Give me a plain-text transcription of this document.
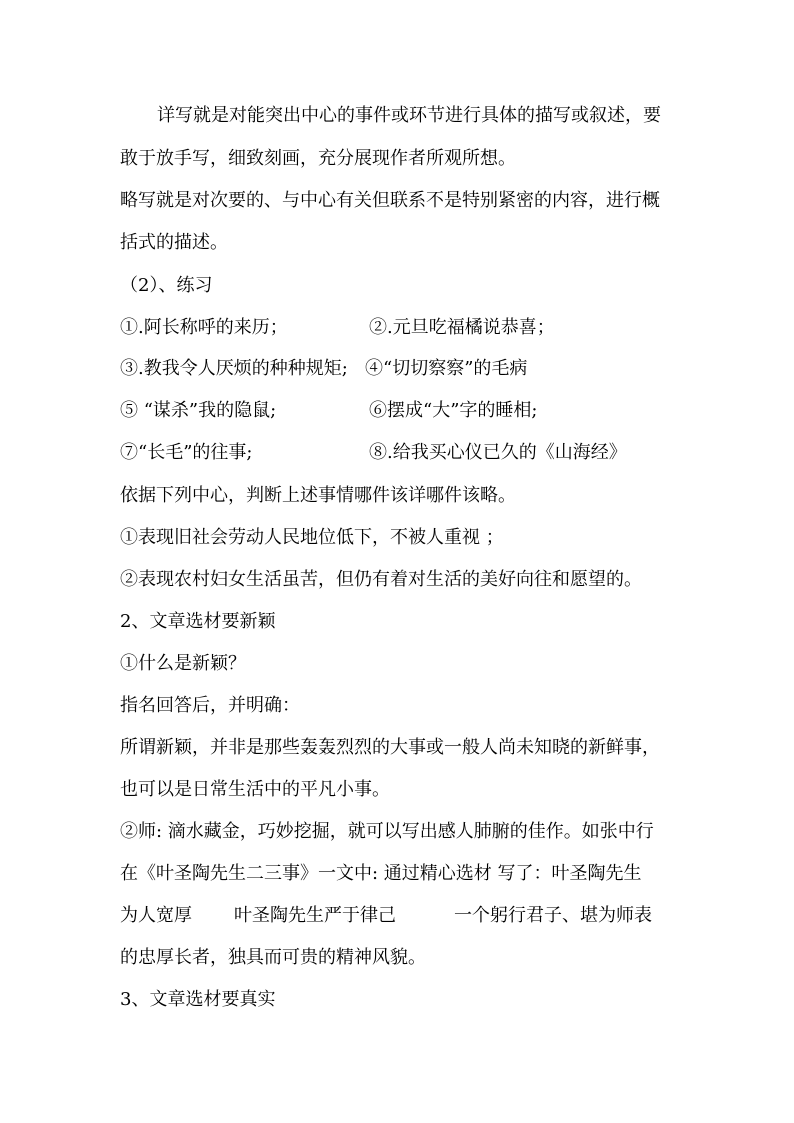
详写就是对能突出中心的事件或环节进行具体的描写或叙述，要
敢于放手写，细致刻画，充分展现作者所观所想。
略写就是对次要的、与中心有关但联系不是特别紧密的内容，进行概
括式的描述。
（2）、练习
①.阿长称呼的来历；	②.元旦吃福橘说恭喜；
③.教我令人厌烦的种种规矩; ④“切切察察”的毛病
⑤ “谋杀”我的隐鼠;	⑥摆成“大”字的睡相;
⑦“长毛”的往事;	⑧.给我买心仪已久的《山海经》
依据下列中心，判断上述事情哪件该详哪件该略。
①表现旧社会劳动人民地位低下，不被人重视 ；
②表现农村妇女生活虽苦，但仍有着对生活的美好向往和愿望的。
2、文章选材要新颖
①什么是新颖？
指名回答后，并明确：
所谓新颖，并非是那些轰轰烈烈的大事或一般人尚未知晓的新鲜事，
也可以是日常生活中的平凡小事。
②师: 滴水藏金，巧妙挖掘，就可以写出感人肺腑的佳作。如张中行
在《叶圣陶先生二三事》一文中: 通过精心选材 写了：叶圣陶先生
为人宽厚 叶圣陶先生严于律己	一个躬行君子、堪为师表
的忠厚长者，独具而可贵的精神风貌。
3、文章选材要真实
